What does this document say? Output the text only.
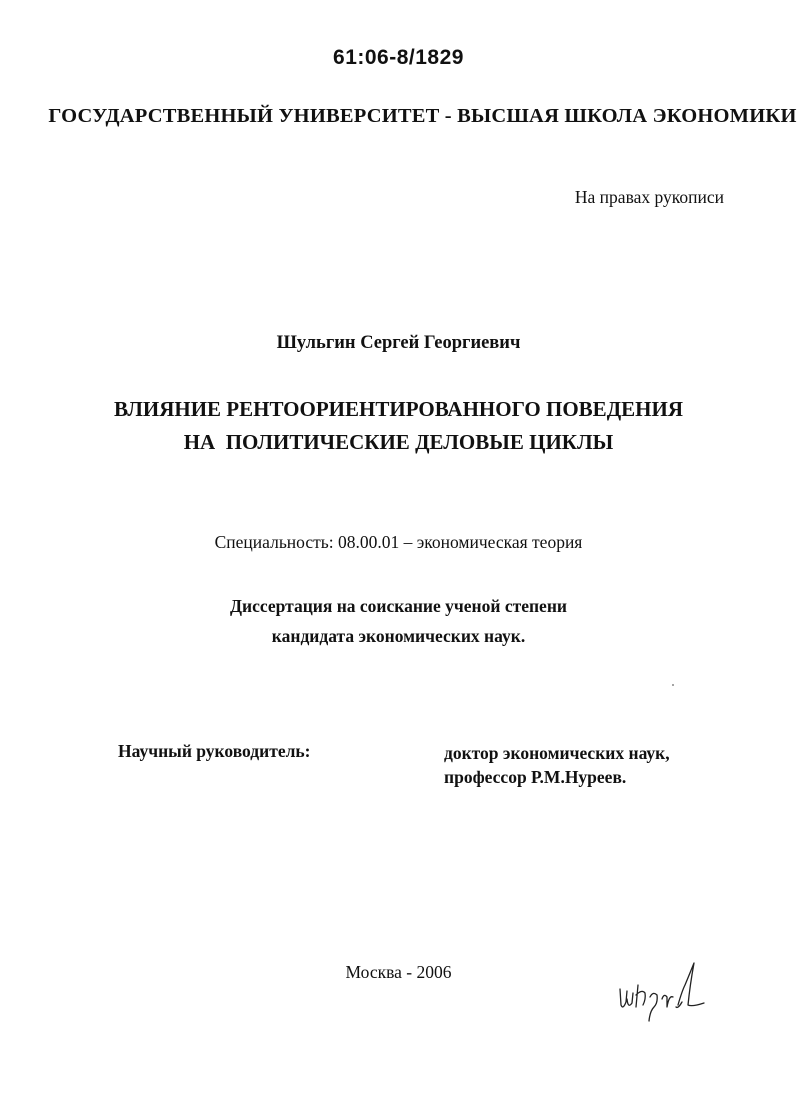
61:06-8/1829
ГОСУДАРСТВЕННЫЙ УНИВЕРСИТЕТ - ВЫСШАЯ ШКОЛА ЭКОНОМИКИ
На правах рукописи
Шульгин Сергей Георгиевич
ВЛИЯНИЕ РЕНТООРИЕНТИРОВАННОГО ПОВЕДЕНИЯ
НА  ПОЛИТИЧЕСКИЕ ДЕЛОВЫЕ ЦИКЛЫ
Специальность: 08.00.01 – экономическая теория
Диссертация на соискание ученой степени
кандидата экономических наук.
Научный руководитель:	доктор экономических наук,
профессор Р.М.Нуреев.
Москва - 2006
